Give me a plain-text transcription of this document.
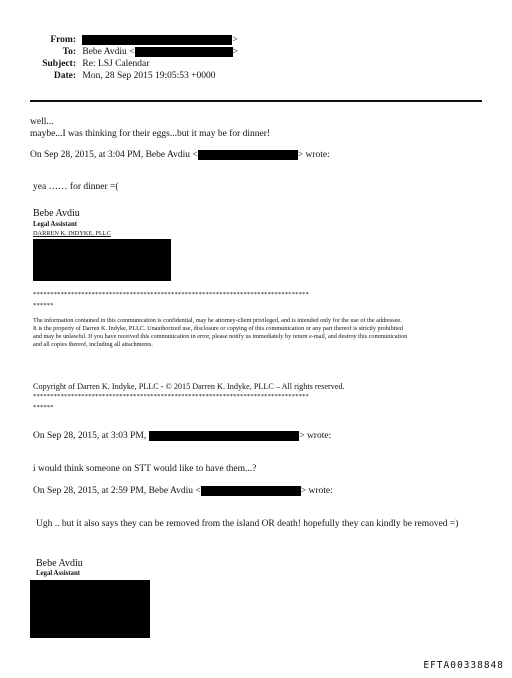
From:	>
To: Bebe Avdiu <	>
Subject: Re: LSJ Calendar
Date: Mon, 28 Sep 2015 19:05:53 +0000
well...
maybe...I was thinking for their eggs...but it may be for dinner!
On Sep 28, 2015, at 3:04 PM, Bebe Avdiu <	> wrote:
yea …… for dinner =(
Bebe Avdiu
Legal Assistant
DARREN K. INDYKE, PLLC
********************************************************************************
******
The information contained in this communication is confidential, may be attorney-client privileged, and is intended only for the use of the addressee.
It is the property of Darren K. Indyke, PLLC. Unauthorized use, disclosure or copying of this communication or any part thereof is strictly prohibited
and may be unlawful. If you have received this communication in error, please notify us immediately by return e-mail, and destroy this communication
and all copies thereof, including all attachments.
Copyright of Darren K. Indyke, PLLC - © 2015 Darren K. Indyke, PLLC – All rights reserved.
********************************************************************************
******
On Sep 28, 2015, at 3:03 PM,	> wrote:
i would think someone on STT would like to have them...?
On Sep 28, 2015, at 2:59 PM, Bebe Avdiu <	> wrote:
Ugh .. but it also says they can be removed from the island OR death! hopefully they can kindly be removed =)
Bebe Avdiu
Legal Assistant
EFTA00338848
